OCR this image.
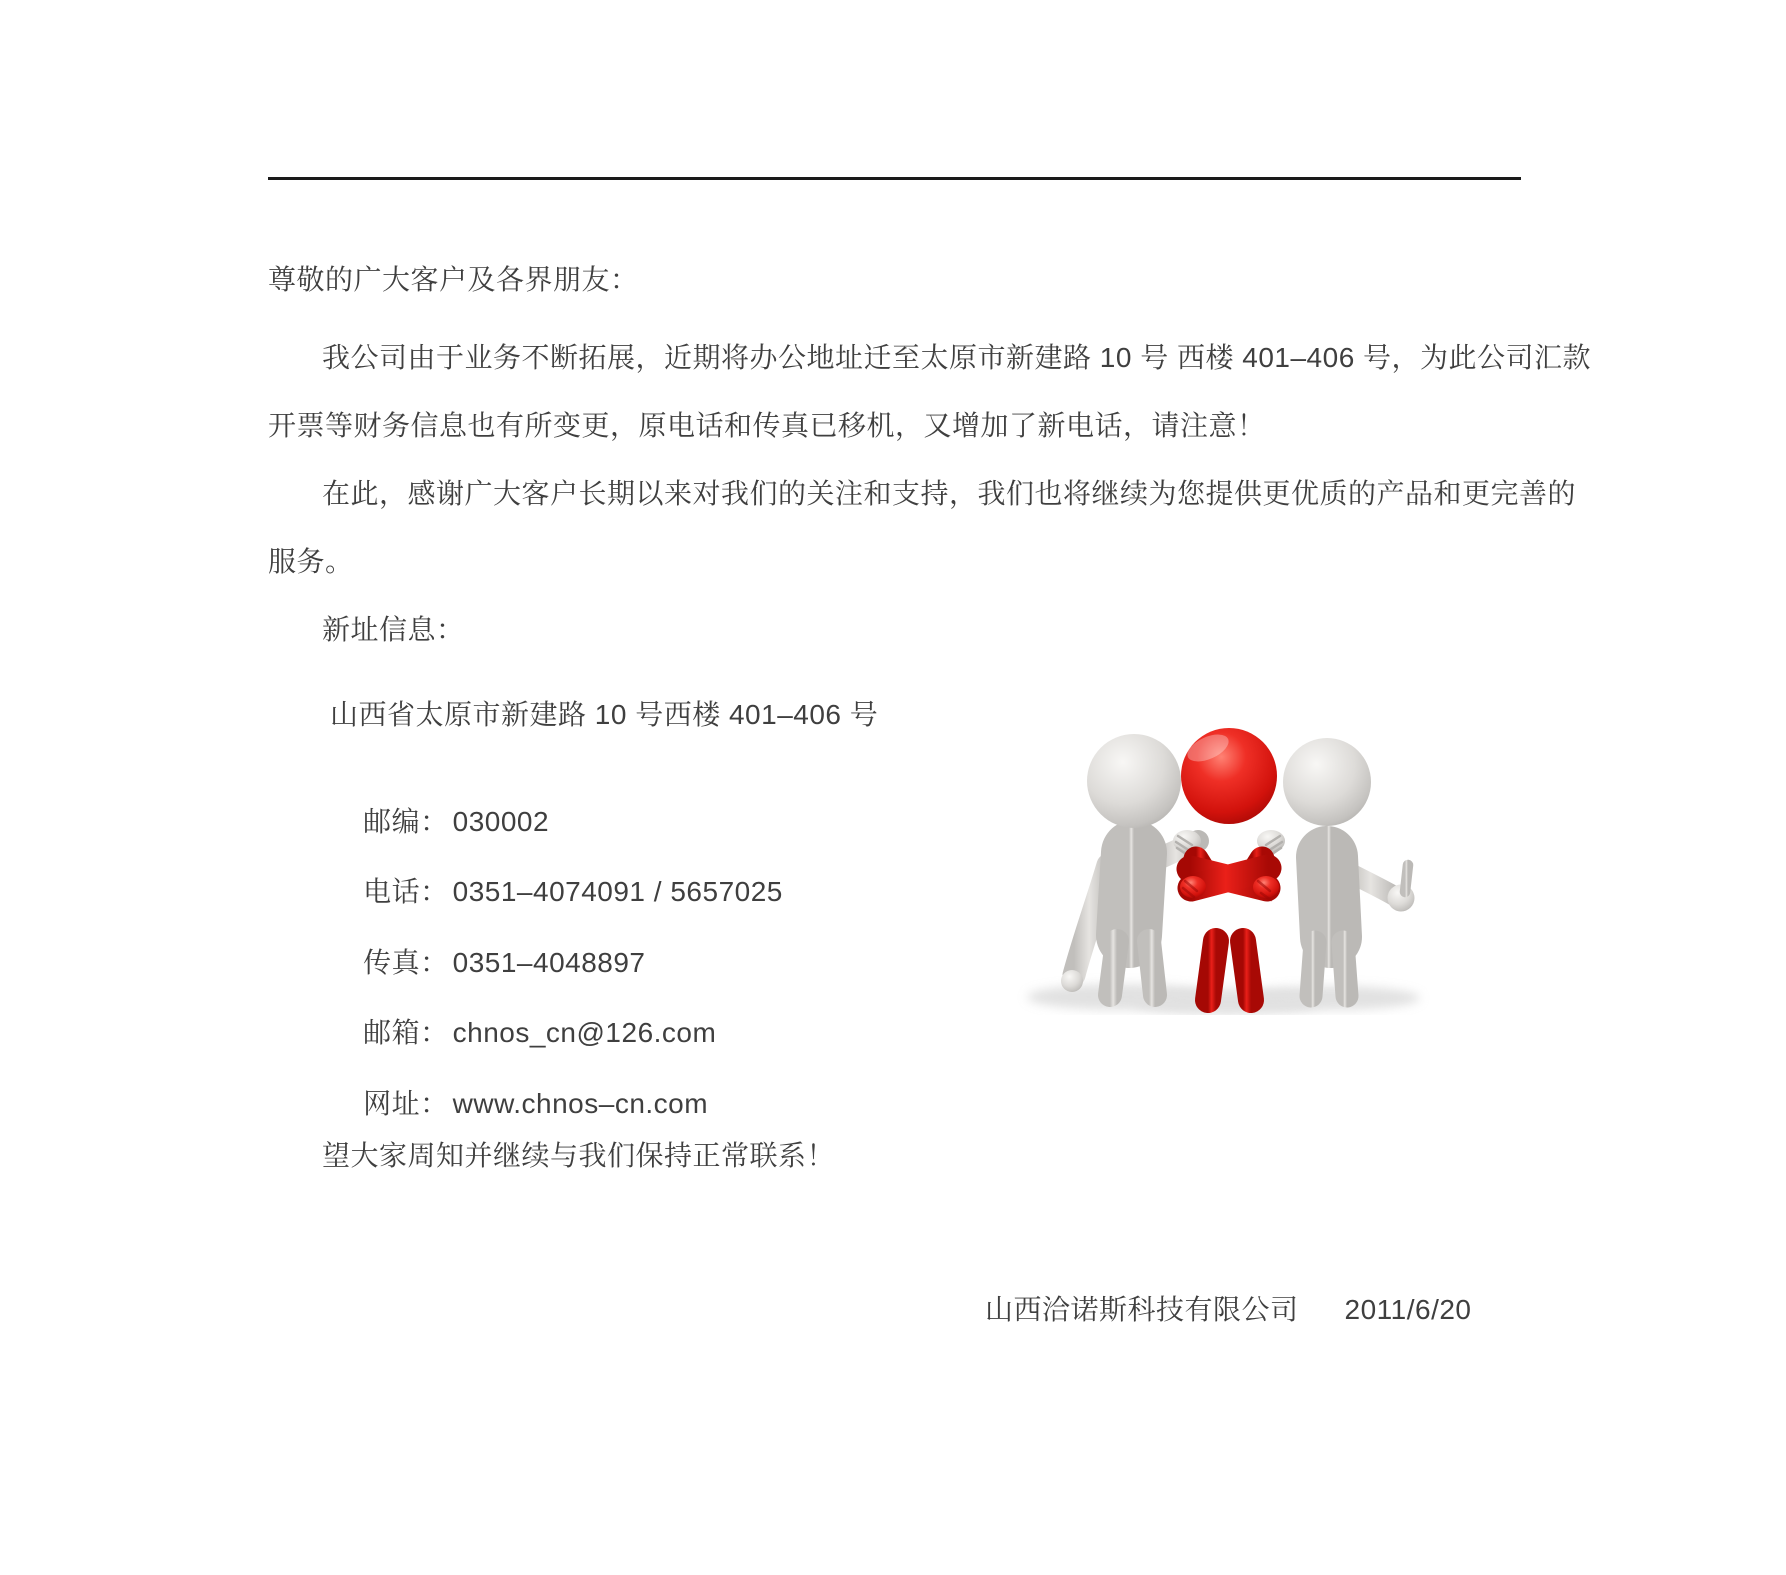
尊敬的广大客户及各界朋友：
我公司由于业务不断拓展，近期将办公地址迁至太原市新建路 10 号 西楼 401–406 号，为此公司汇款
开票等财务信息也有所变更，原电话和传真已移机，又增加了新电话，请注意！
在此，感谢广大客户长期以来对我们的关注和支持，我们也将继续为您提供更优质的产品和更完善的
服务。
新址信息：
山西省太原市新建路 10 号西楼 401–406 号

邮编： 030002

电话： 0351–4074091 / 5657025

传真： 0351–4048897

邮箱： chnos_cn@126.com

网址： www.chnos–cn.com

望大家周知并继续与我们保持正常联系！
山西洽诺斯科技有限公司 2011/6/20
